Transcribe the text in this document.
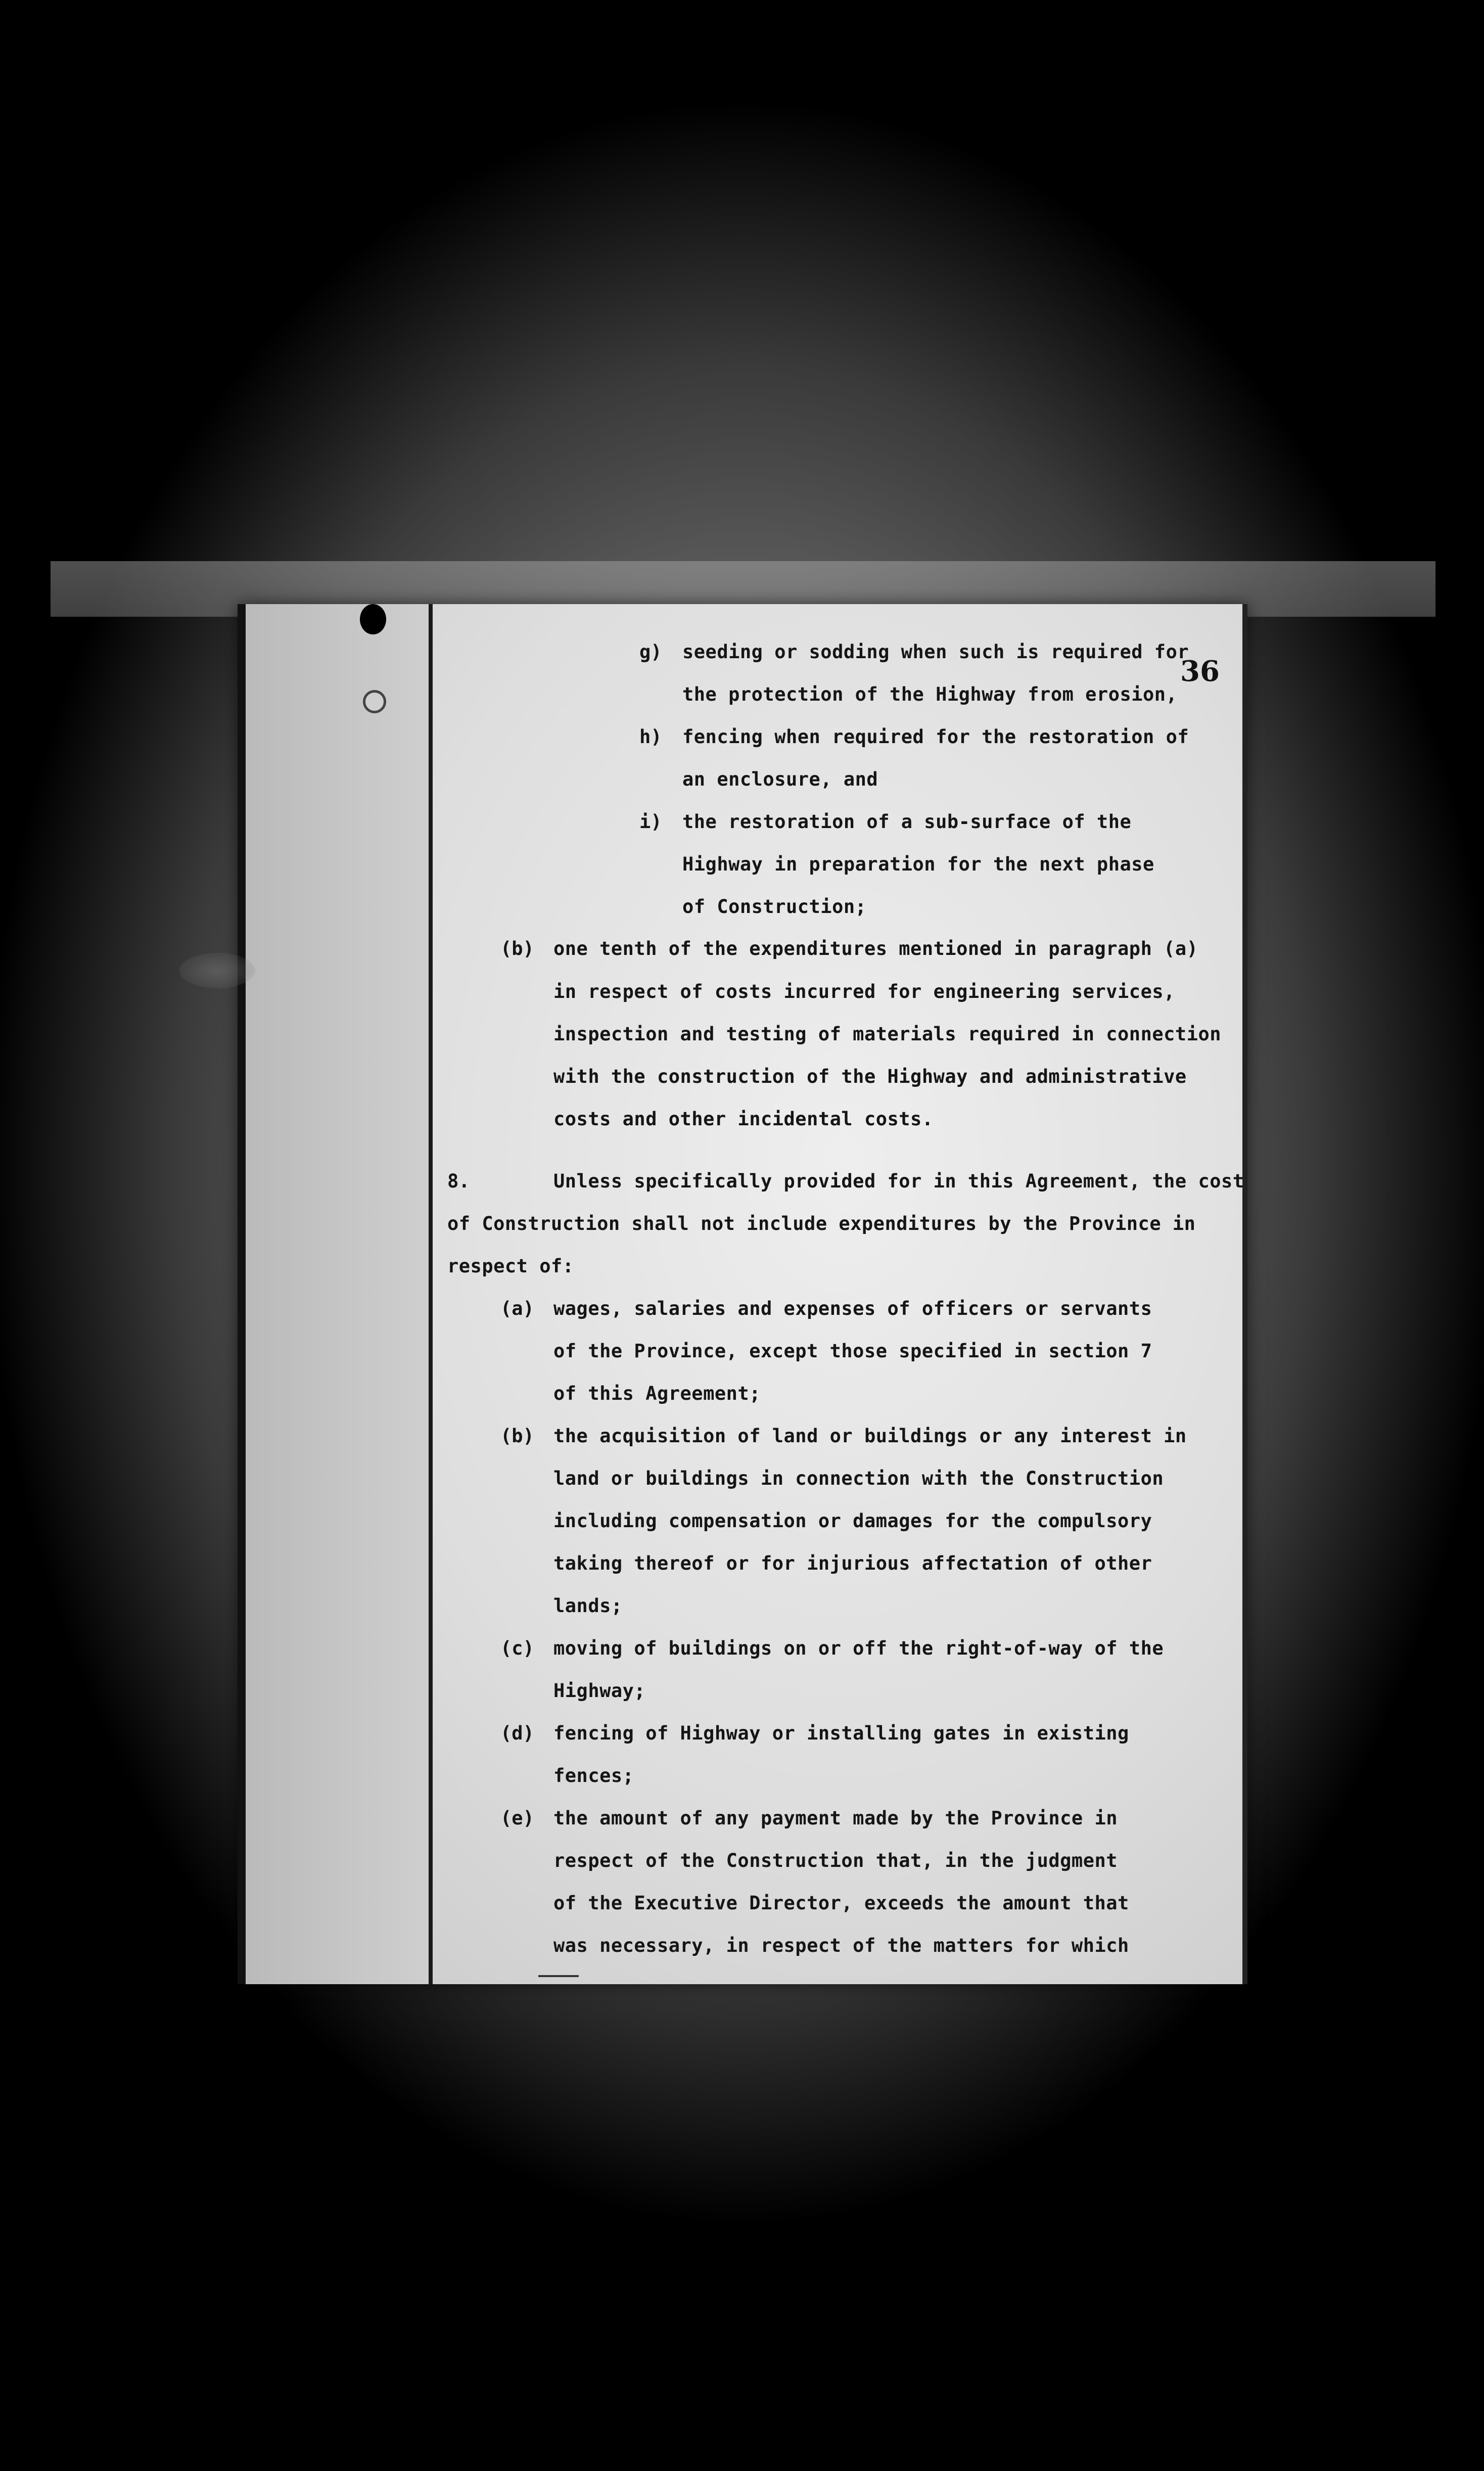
36
g) seeding or sodding when such is required for
the protection of the Highway from erosion,
h) fencing when required for the restoration of
an enclosure, and
i) the restoration of a sub-surface of the
Highway in preparation for the next phase
of Construction;
(b) one tenth of the expenditures mentioned in paragraph (a)
in respect of costs incurred for engineering services,
inspection and testing of materials required in connection
with the construction of the Highway and administrative
costs and other incidental costs.
8.	Unless specifically provided for in this Agreement, the cost
of Construction shall not include expenditures by the Province in
respect of:
(a) wages, salaries and expenses of officers or servants
of the Province, except those specified in section 7
of this Agreement;
(b) the acquisition of land or buildings or any interest in
land or buildings in connection with the Construction
including compensation or damages for the compulsory
taking thereof or for injurious affectation of other
lands;
(c) moving of buildings on or off the right-of-way of the
Highway;
(d) fencing of Highway or installing gates in existing
fences;
(e) the amount of any payment made by the Province in
respect of the Construction that, in the judgment
of the Executive Director, exceeds the amount that
was necessary, in respect of the matters for which
